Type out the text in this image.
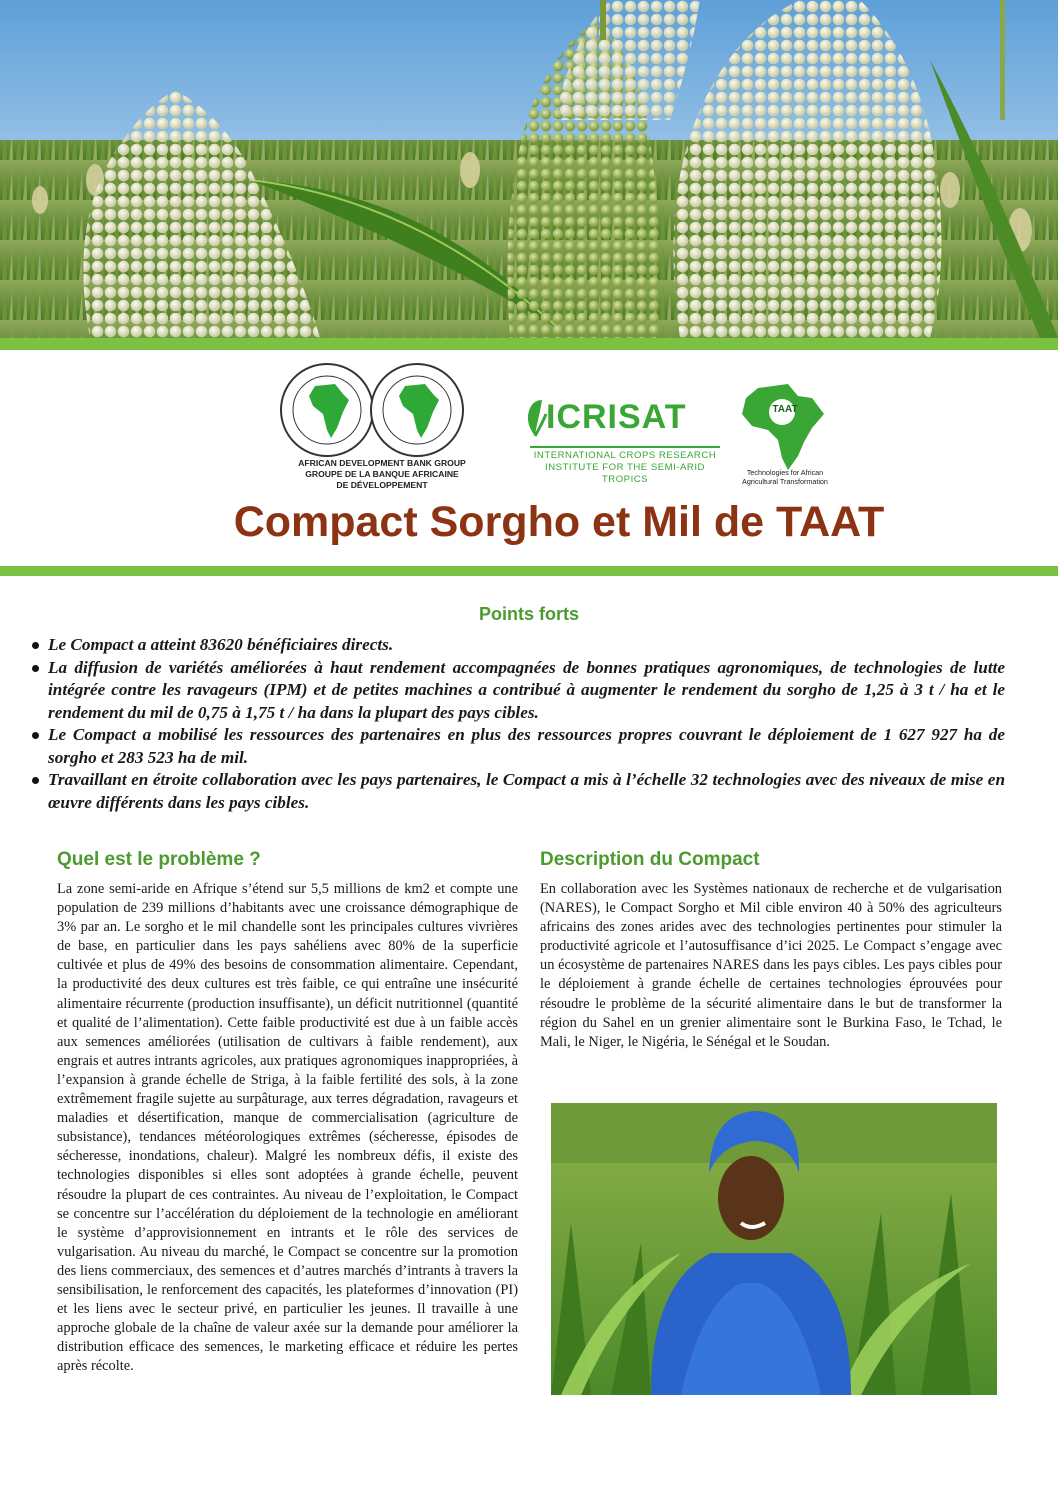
AFRICAN DEVELOPMENT BANK GROUP
GROUPE DE LA BANQUE AFRICAINE
DE DÉVELOPPEMENT
ICRISAT
INTERNATIONAL CROPS RESEARCH
INSTITUTE FOR THE SEMI-ARID TROPICS
TAAT
Technologies for African
Agricultural Transformation
Compact Sorgho et Mil de TAAT
Points forts
Le Compact a atteint 83620 bénéficiaires directs.
La diffusion de variétés améliorées à haut rendement accompagnées de bonnes pratiques agronomiques, de technologies de lutte intégrée contre les ravageurs (IPM) et de petites machines a contribué à augmenter le rendement du sorgho de 1,25 à 3 t / ha et le rendement du mil de 0,75 à 1,75 t / ha dans la plupart des pays cibles.
Le Compact a mobilisé les ressources des partenaires en plus des ressources propres couvrant le déploiement de 1 627 927 ha de sorgho et 283 523 ha de mil.
Travaillant en étroite collaboration avec les pays partenaires, le Compact a mis à l’échelle 32 technologies avec des niveaux de mise en œuvre différents dans les pays cibles.
Quel est le problème ?
La zone semi-aride en Afrique s’étend sur 5,5 millions de km2 et compte une population de 239 millions d’habitants avec une croissance démographique de 3% par an. Le sorgho et le mil chandelle sont les principales cultures vivrières de base, en particulier dans les pays sahéliens avec 80% de la superficie cultivée et plus de 49% des besoins de consommation alimentaire. Cependant, la productivité des deux cultures est très faible, ce qui entraîne une insécurité alimentaire récurrente (production insuffisante), un déficit nutritionnel (quantité et qualité de l’alimentation). Cette faible productivité est due à un faible accès aux semences améliorées (utilisation de cultivars à faible rendement), aux engrais et autres intrants agricoles, aux pratiques agronomiques inappropriées, à l’expansion à grande échelle de Striga, à la faible fertilité des sols, à la zone extrêmement fragile sujette au surpâturage, aux terres dégradation, ravageurs et maladies et désertification, manque de commercialisation (agriculture de subsistance), tendances météorologiques extrêmes (sécheresse, épisodes de sécheresse, inondations, chaleur). Malgré les nombreux défis, il existe des technologies disponibles si elles sont adoptées à grande échelle, peuvent résoudre la plupart de ces contraintes. Au niveau de l’exploitation, le Compact se concentre sur l’accélération du déploiement de la technologie en améliorant le système d’approvisionnement en intrants et le rôle des services de vulgarisation. Au niveau du marché, le Compact se concentre sur la promotion des liens commerciaux, des semences et d’autres marchés d’intrants à travers la sensibilisation, le renforcement des capacités, les plateformes d’innovation (PI) et les liens avec le secteur privé, en particulier les jeunes. Il travaille à une approche globale de la chaîne de valeur axée sur la demande pour améliorer la distribution efficace des semences, le marketing efficace et réduire les pertes après récolte.
Description du Compact
En collaboration avec les Systèmes nationaux de recherche et de vulgarisation (NARES), le Compact Sorgho et Mil cible environ 40 à 50% des agriculteurs africains des zones arides avec des technologies pertinentes pour stimuler la productivité agricole et l’autosuffisance d’ici 2025. Le Compact s’engage avec un écosystème de partenaires NARES dans les pays cibles. Les pays cibles pour le déploiement à grande échelle de certaines technologies éprouvées pour résoudre le problème de la sécurité alimentaire dans le but de transformer la région du Sahel en un grenier alimentaire sont le Burkina Faso, le Tchad, le Mali, le Niger, le Nigéria, le Sénégal et le Soudan.
